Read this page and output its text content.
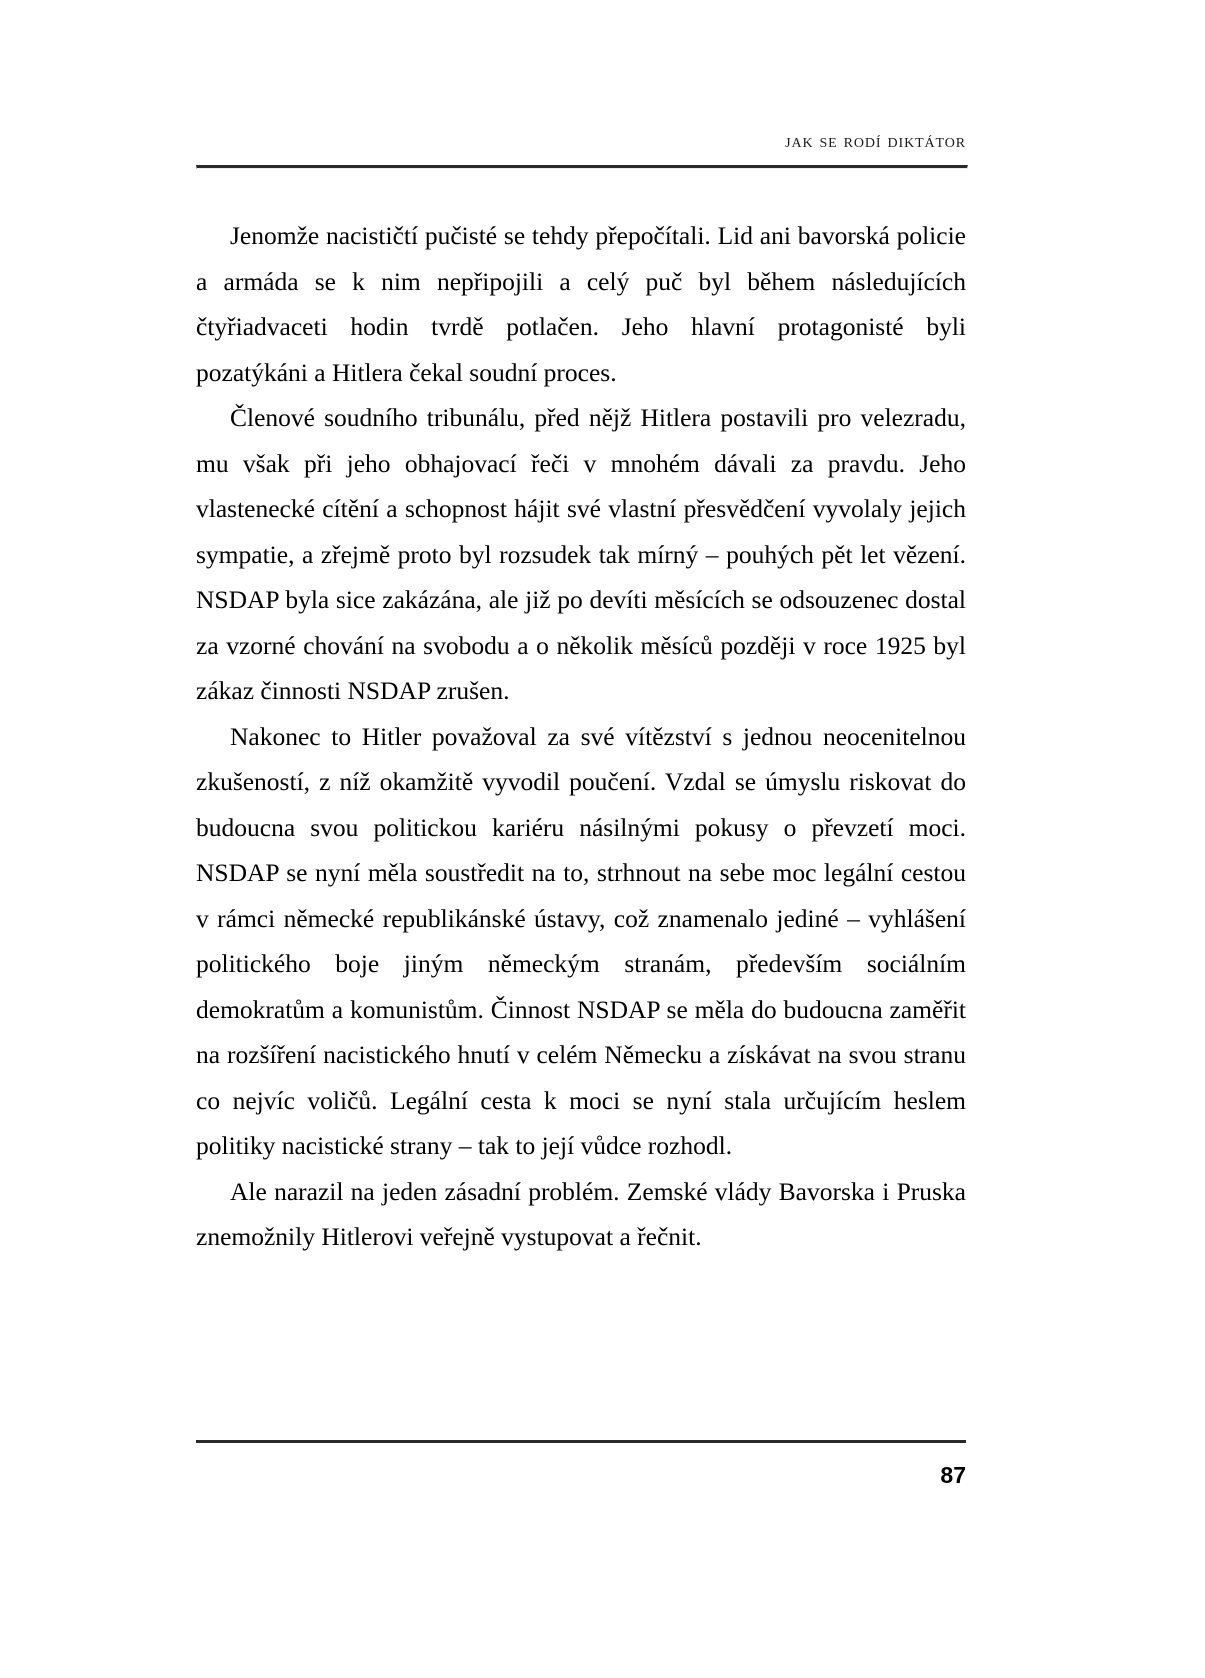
jak se rodí diktátor

Jenomže nacističtí pučisté se tehdy přepočítali. Lid ani bavorská policie a armáda se k nim nepřipojili a celý puč byl během následujících čtyřiadvaceti hodin tvrdě potlačen. Jeho hlavní protagonisté byli pozatýkáni a Hitlera čekal soudní proces.

Členové soudního tribunálu, před nějž Hitlera postavili pro velezradu, mu však při jeho obhajovací řeči v mnohém dávali za pravdu. Jeho vlastenecké cítění a schopnost hájit své vlastní přesvědčení vyvolaly jejich sympatie, a zřejmě proto byl rozsudek tak mírný – pouhých pět let vězení. NSDAP byla sice zakázána, ale již po devíti měsících se odsouzenec dostal za vzorné chování na svobodu a o několik měsíců později v roce 1925 byl zákaz činnosti NSDAP zrušen.

Nakonec to Hitler považoval za své vítězství s jednou neocenitelnou zkušeností, z níž okamžitě vyvodil poučení. Vzdal se úmyslu riskovat do budoucna svou politickou kariéru násilnými pokusy o převzetí moci. NSDAP se nyní měla soustředit na to, strhnout na sebe moc legální cestou v rámci německé republikánské ústavy, což znamenalo jediné – vyhlášení politického boje jiným německým stranám, především sociálním demokratům a komunistům. Činnost NSDAP se měla do budoucna zaměřit na rozšíření nacistického hnutí v celém Německu a získávat na svou stranu co nejvíc voličů. Legální cesta k moci se nyní stala určujícím heslem politiky nacistické strany – tak to její vůdce rozhodl.

Ale narazil na jeden zásadní problém. Zemské vlády Bavorska i Pruska znemožnily Hitlerovi veřejně vystupovat a řečnit.

87
